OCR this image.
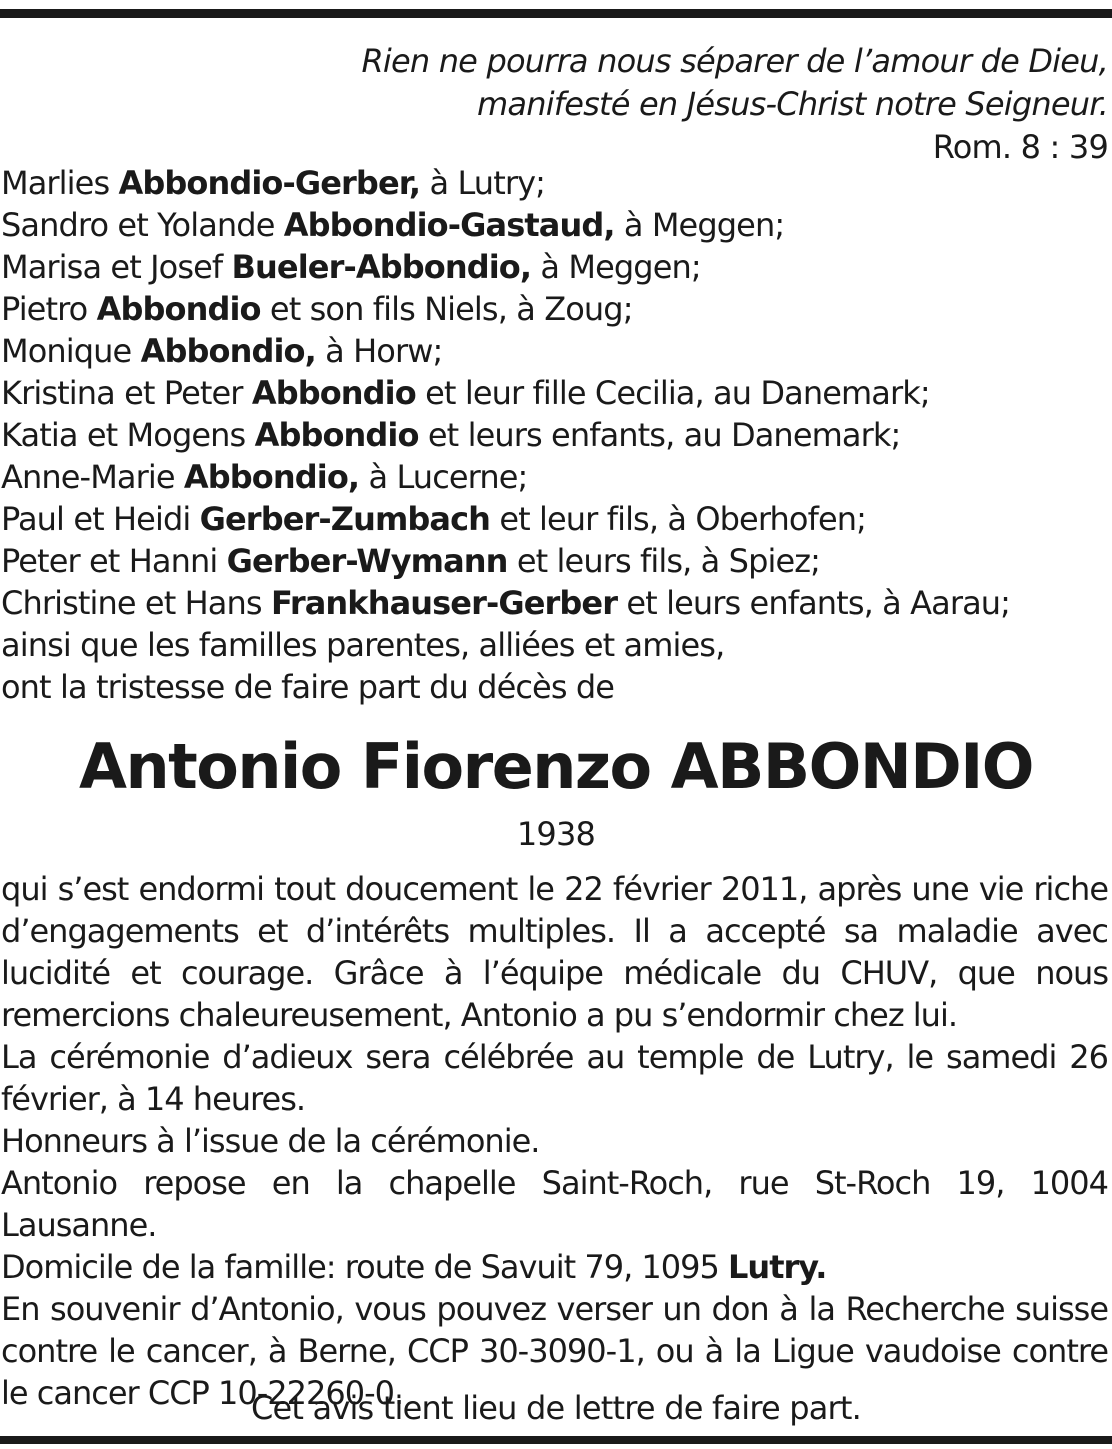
Rien ne pourra nous séparer de l’amour de Dieu,
manifesté en Jésus-Christ notre Seigneur.
Rom. 8 : 39
Marlies Abbondio-Gerber, à Lutry;
Sandro et Yolande Abbondio-Gastaud, à Meggen;
Marisa et Josef Bueler-Abbondio, à Meggen;
Pietro Abbondio et son fils Niels, à Zoug;
Monique Abbondio, à Horw;
Kristina et Peter Abbondio et leur fille Cecilia, au Danemark;
Katia et Mogens Abbondio et leurs enfants, au Danemark;
Anne-Marie Abbondio, à Lucerne;
Paul et Heidi Gerber-Zumbach et leur fils, à Oberhofen;
Peter et Hanni Gerber-Wymann et leurs fils, à Spiez;
Christine et Hans Frankhauser-Gerber et leurs enfants, à Aarau;
ainsi que les familles parentes, alliées et amies,
ont la tristesse de faire part du décès de
Antonio Fiorenzo ABBONDIO
1938

qui s’est endormi tout doucement le 22 février 2011, après une vie riche d’engagements et d’intérêts multiples. Il a accepté sa maladie avec lucidité et courage. Grâce à l’équipe médicale du CHUV, que nous remercions chaleureusement, Antonio a pu s’endormir chez lui.

La cérémonie d’adieux sera célébrée au temple de Lutry, le samedi 26 février, à 14 heures.

Honneurs à l’issue de la cérémonie.

Antonio repose en la chapelle Saint-Roch, rue St-Roch 19, 1004 Lausanne.

Domicile de la famille: route de Savuit 79, 1095 Lutry.

En souvenir d’Antonio, vous pouvez verser un don à la Recherche suisse contre le cancer, à Berne, CCP 30-3090-1, ou à la Ligue vaudoise contre le cancer CCP 10-22260-0.

Cet avis tient lieu de lettre de faire part.
